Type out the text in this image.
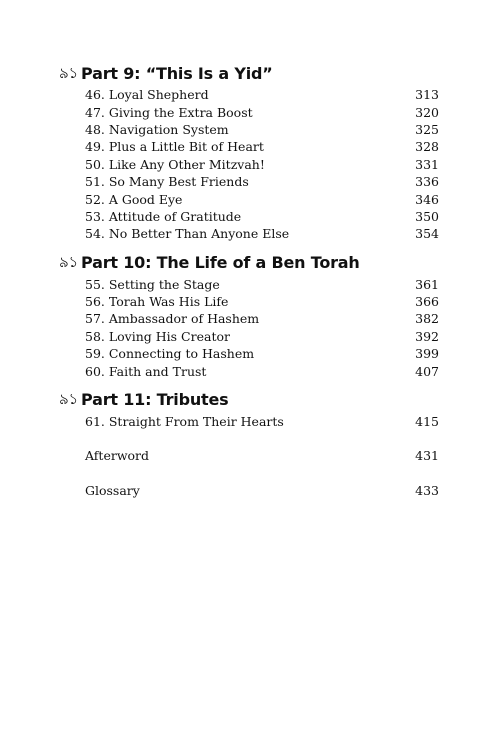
৯১ Part 9: “This Is a Yid”
46. Loyal Shepherd	313
47. Giving the Extra Boost	320
48. Navigation System	325
49. Plus a Little Bit of Heart	328
50. Like Any Other Mitzvah!	331
51. So Many Best Friends	336
52. A Good Eye	346
53. Attitude of Gratitude	350
54. No Better Than Anyone Else	354
৯১ Part 10: The Life of a Ben Torah
55. Setting the Stage	361
56. Torah Was His Life	366
57. Ambassador of Hashem	382
58. Loving His Creator	392
59. Connecting to Hashem	399
60. Faith and Trust	407
৯১ Part 11: Tributes
61. Straight From Their Hearts	415
Afterword	431
Glossary	433
